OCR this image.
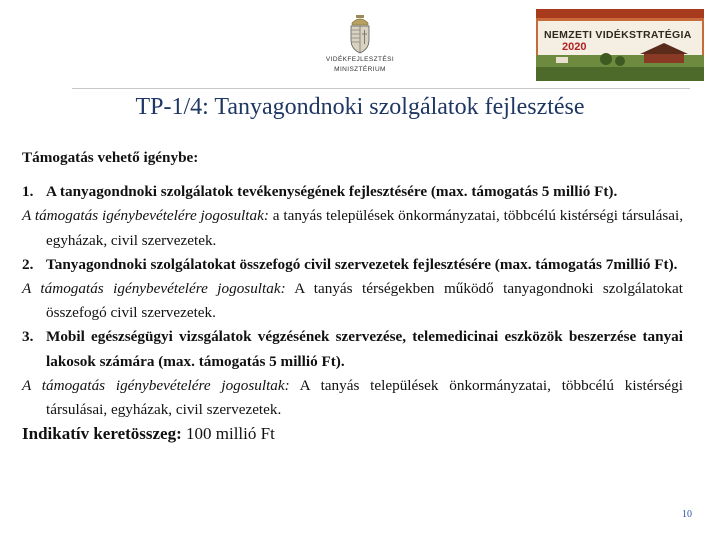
VIDÉKFEJLESZTÉSI
MINISZTÉRIUM
NEMZETI VIDÉKSTRATÉGIA
2020
TP-1/4: Tanyagondnoki szolgálatok fejlesztése

Támogatás vehető igénybe:

1. A tanyagondnoki szolgálatok tevékenységének fejlesztésére (max. támogatás 5 millió Ft).

A támogatás igénybevételére jogosultak: a tanyás települések önkormányzatai, többcélú kistérségi társulásai, egyházak, civil szervezetek.

2. Tanyagondnoki szolgálatokat összefogó civil szervezetek fejlesztésére (max. támogatás 7millió Ft).

A támogatás igénybevételére jogosultak: A tanyás térségekben működő tanyagondnoki szolgálatokat összefogó civil szervezetek.

3. Mobil egészségügyi vizsgálatok végzésének szervezése, telemedicinai eszközök beszerzése tanyai lakosok számára (max. támogatás 5 millió Ft).

A támogatás igénybevételére jogosultak: A tanyás települések önkormányzatai, többcélú kistérségi társulásai, egyházak, civil szervezetek.

Indikatív keretösszeg: 100 millió Ft

10
